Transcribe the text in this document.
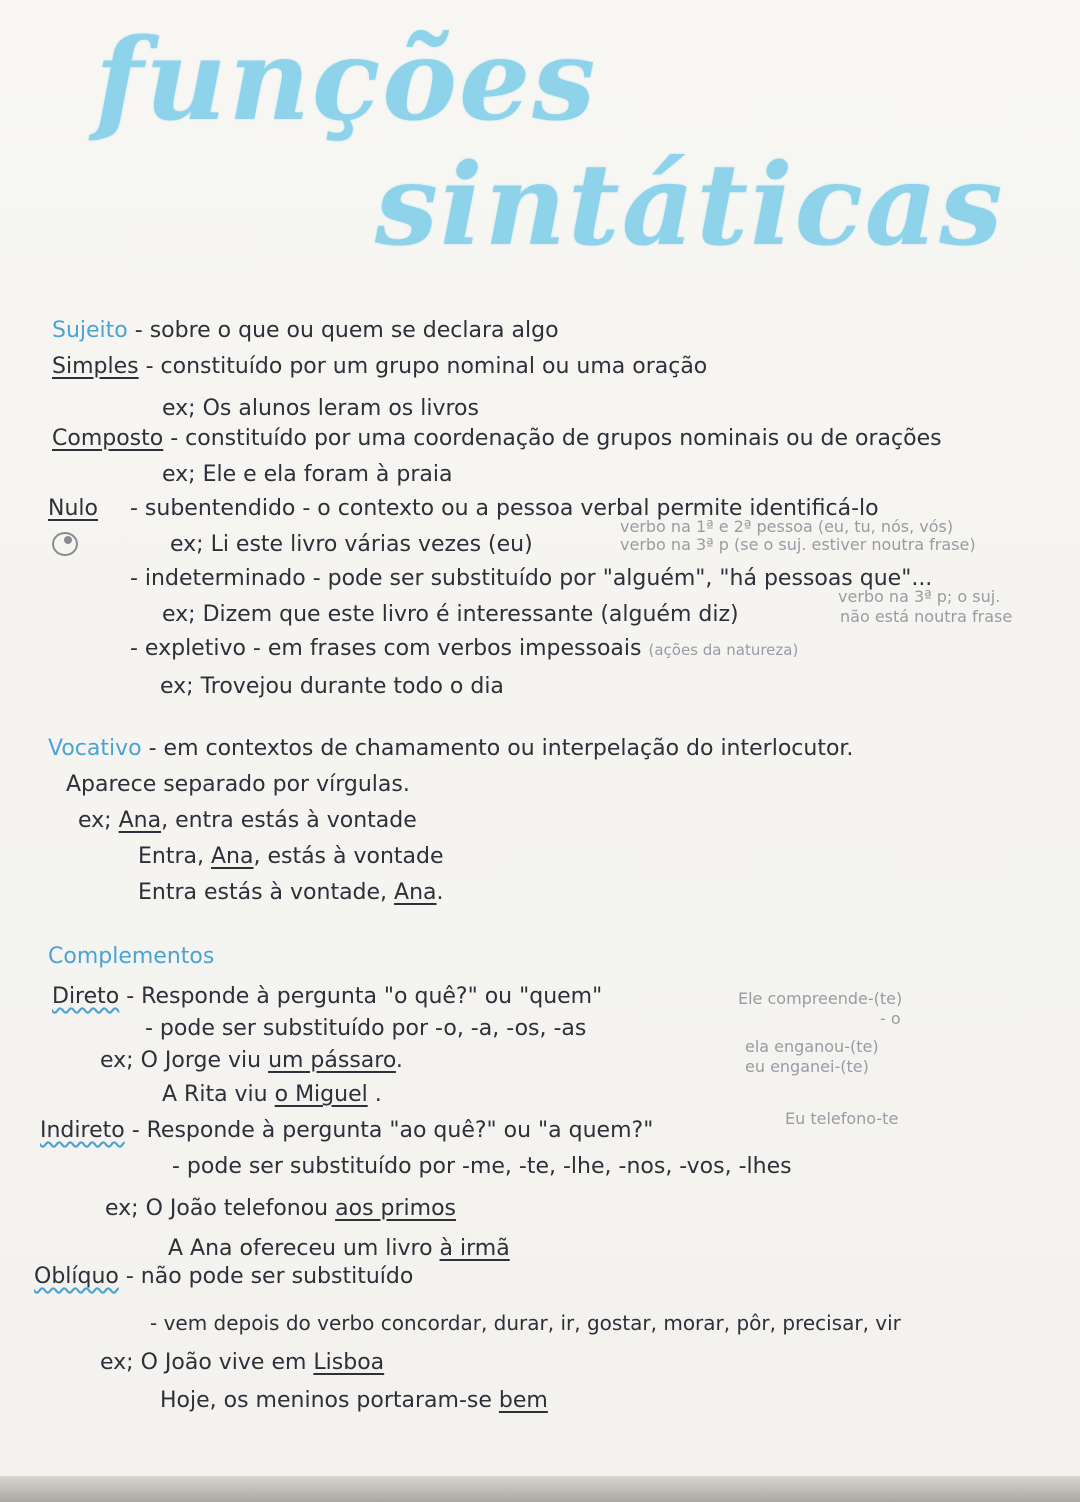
funções
sintáticas
Sujeito - sobre o que ou quem se declara algo
Simples - constituído por um grupo nominal ou uma oração
ex; Os alunos leram os livros
Composto - constituído por uma coordenação de grupos nominais ou de orações
ex; Ele e ela foram à praia
Nulo - subentendido - o contexto ou a pessoa verbal permite identificá-lo
verbo na 1ª e 2ª pessoa (eu, tu, nós, vós)
ex; Li este livro várias vezes (eu)	verbo na 3ª p (se o suj. estiver noutra frase)
- indeterminado - pode ser substituído por "alguém", "há pessoas que"...
ex; Dizem que este livro é interessante (alguém diz)
verbo na 3ª p; o suj.
não está noutra frase
- expletivo - em frases com verbos impessoais (ações da natureza)
ex; Trovejou durante todo o dia
Vocativo - em contextos de chamamento ou interpelação do interlocutor.
Aparece separado por vírgulas.
ex; Ana, entra estás à vontade
Entra, Ana, estás à vontade
Entra estás à vontade, Ana.
Complementos
Direto - Responde à pergunta "o quê?" ou "quem"	Ele compreende-(te)
- o
- pode ser substituído por -o, -a, -os, -as
ela enganou-(te)
eu enganei-(te)
ex; O Jorge viu um pássaro.
A Rita viu o Miguel .
Indireto - Responde à pergunta "ao quê?" ou "a quem?"	Eu telefono-te
- pode ser substituído por -me, -te, -lhe, -nos, -vos, -lhes
ex; O João telefonou aos primos
A Ana ofereceu um livro à irmã
Oblíquo - não pode ser substituído
- vem depois do verbo concordar, durar, ir, gostar, morar, pôr, precisar, vir
ex; O João vive em Lisboa
Hoje, os meninos portaram-se bem
